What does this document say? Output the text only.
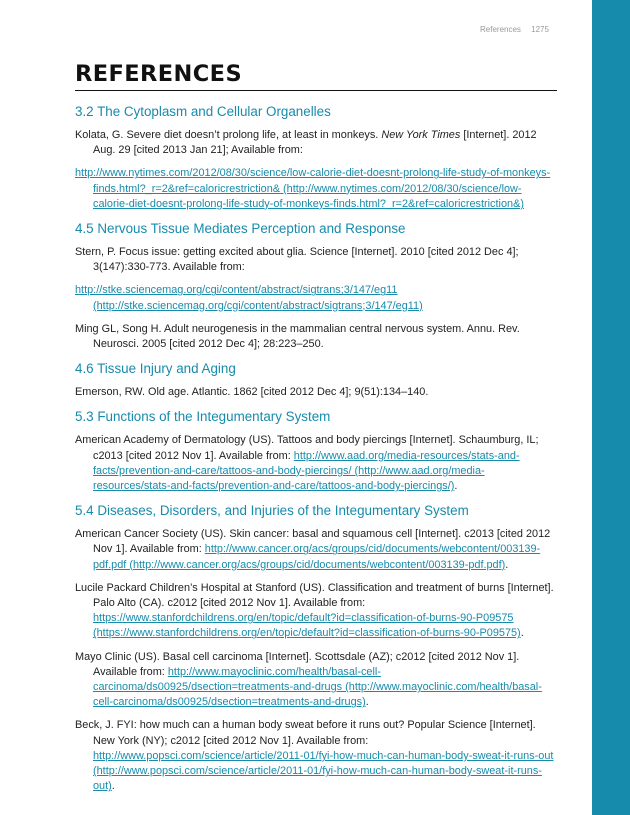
References 1275
REFERENCES
3.2 The Cytoplasm and Cellular Organelles

Kolata, G. Severe diet doesn’t prolong life, at least in monkeys. New York Times [Internet]. 2012 Aug. 29 [cited 2013 Jan 21]; Available from:

http://www.nytimes.com/2012/08/30/science/low-calorie-diet-doesnt-prolong-life-study-of-monkeys-finds.html?_r=2&ref=caloricrestriction& (http://www.nytimes.com/2012/08/30/science/low-calorie-diet-doesnt-prolong-life-study-of-monkeys-finds.html?_r=2&ref=caloricrestriction&)

4.5 Nervous Tissue Mediates Perception and Response

Stern, P. Focus issue: getting excited about glia. Science [Internet]. 2010 [cited 2012 Dec 4]; 3(147):330-773. Available from:

http://stke.sciencemag.org/cgi/content/abstract/sigtrans;3/147/eg11 (http://stke.sciencemag.org/cgi/content/abstract/sigtrans;3/147/eg11)

Ming GL, Song H. Adult neurogenesis in the mammalian central nervous system. Annu. Rev. Neurosci. 2005 [cited 2012 Dec 4]; 28:223–250.

4.6 Tissue Injury and Aging

Emerson, RW. Old age. Atlantic. 1862 [cited 2012 Dec 4]; 9(51):134–140.

5.3 Functions of the Integumentary System

American Academy of Dermatology (US). Tattoos and body piercings [Internet]. Schaumburg, IL; c2013 [cited 2012 Nov 1]. Available from: http://www.aad.org/media-resources/stats-and-facts/prevention-and-care/tattoos-and-body-piercings/ (http://www.aad.org/media-resources/stats-and-facts/prevention-and-care/tattoos-and-body-piercings/).

5.4 Diseases, Disorders, and Injuries of the Integumentary System

American Cancer Society (US). Skin cancer: basal and squamous cell [Internet]. c2013 [cited 2012 Nov 1]. Available from: http://www.cancer.org/acs/groups/cid/documents/webcontent/003139-pdf.pdf (http://www.cancer.org/acs/groups/cid/documents/webcontent/003139-pdf.pdf).

Lucile Packard Children’s Hospital at Stanford (US). Classification and treatment of burns [Internet]. Palo Alto (CA). c2012 [cited 2012 Nov 1]. Available from: https://www.stanfordchildrens.org/en/topic/default?id=classification-of-burns-90-P09575 (https://www.stanfordchildrens.org/en/topic/default?id=classification-of-burns-90-P09575).

Mayo Clinic (US). Basal cell carcinoma [Internet]. Scottsdale (AZ); c2012 [cited 2012 Nov 1]. Available from: http://www.mayoclinic.com/health/basal-cell-carcinoma/ds00925/dsection=treatments-and-drugs (http://www.mayoclinic.com/health/basal-cell-carcinoma/ds00925/dsection=treatments-and-drugs).

Beck, J. FYI: how much can a human body sweat before it runs out? Popular Science [Internet]. New York (NY); c2012 [cited 2012 Nov 1]. Available from: http://www.popsci.com/science/article/2011-01/fyi-how-much-can-human-body-sweat-it-runs-out (http://www.popsci.com/science/article/2011-01/fyi-how-much-can-human-body-sweat-it-runs-out).
